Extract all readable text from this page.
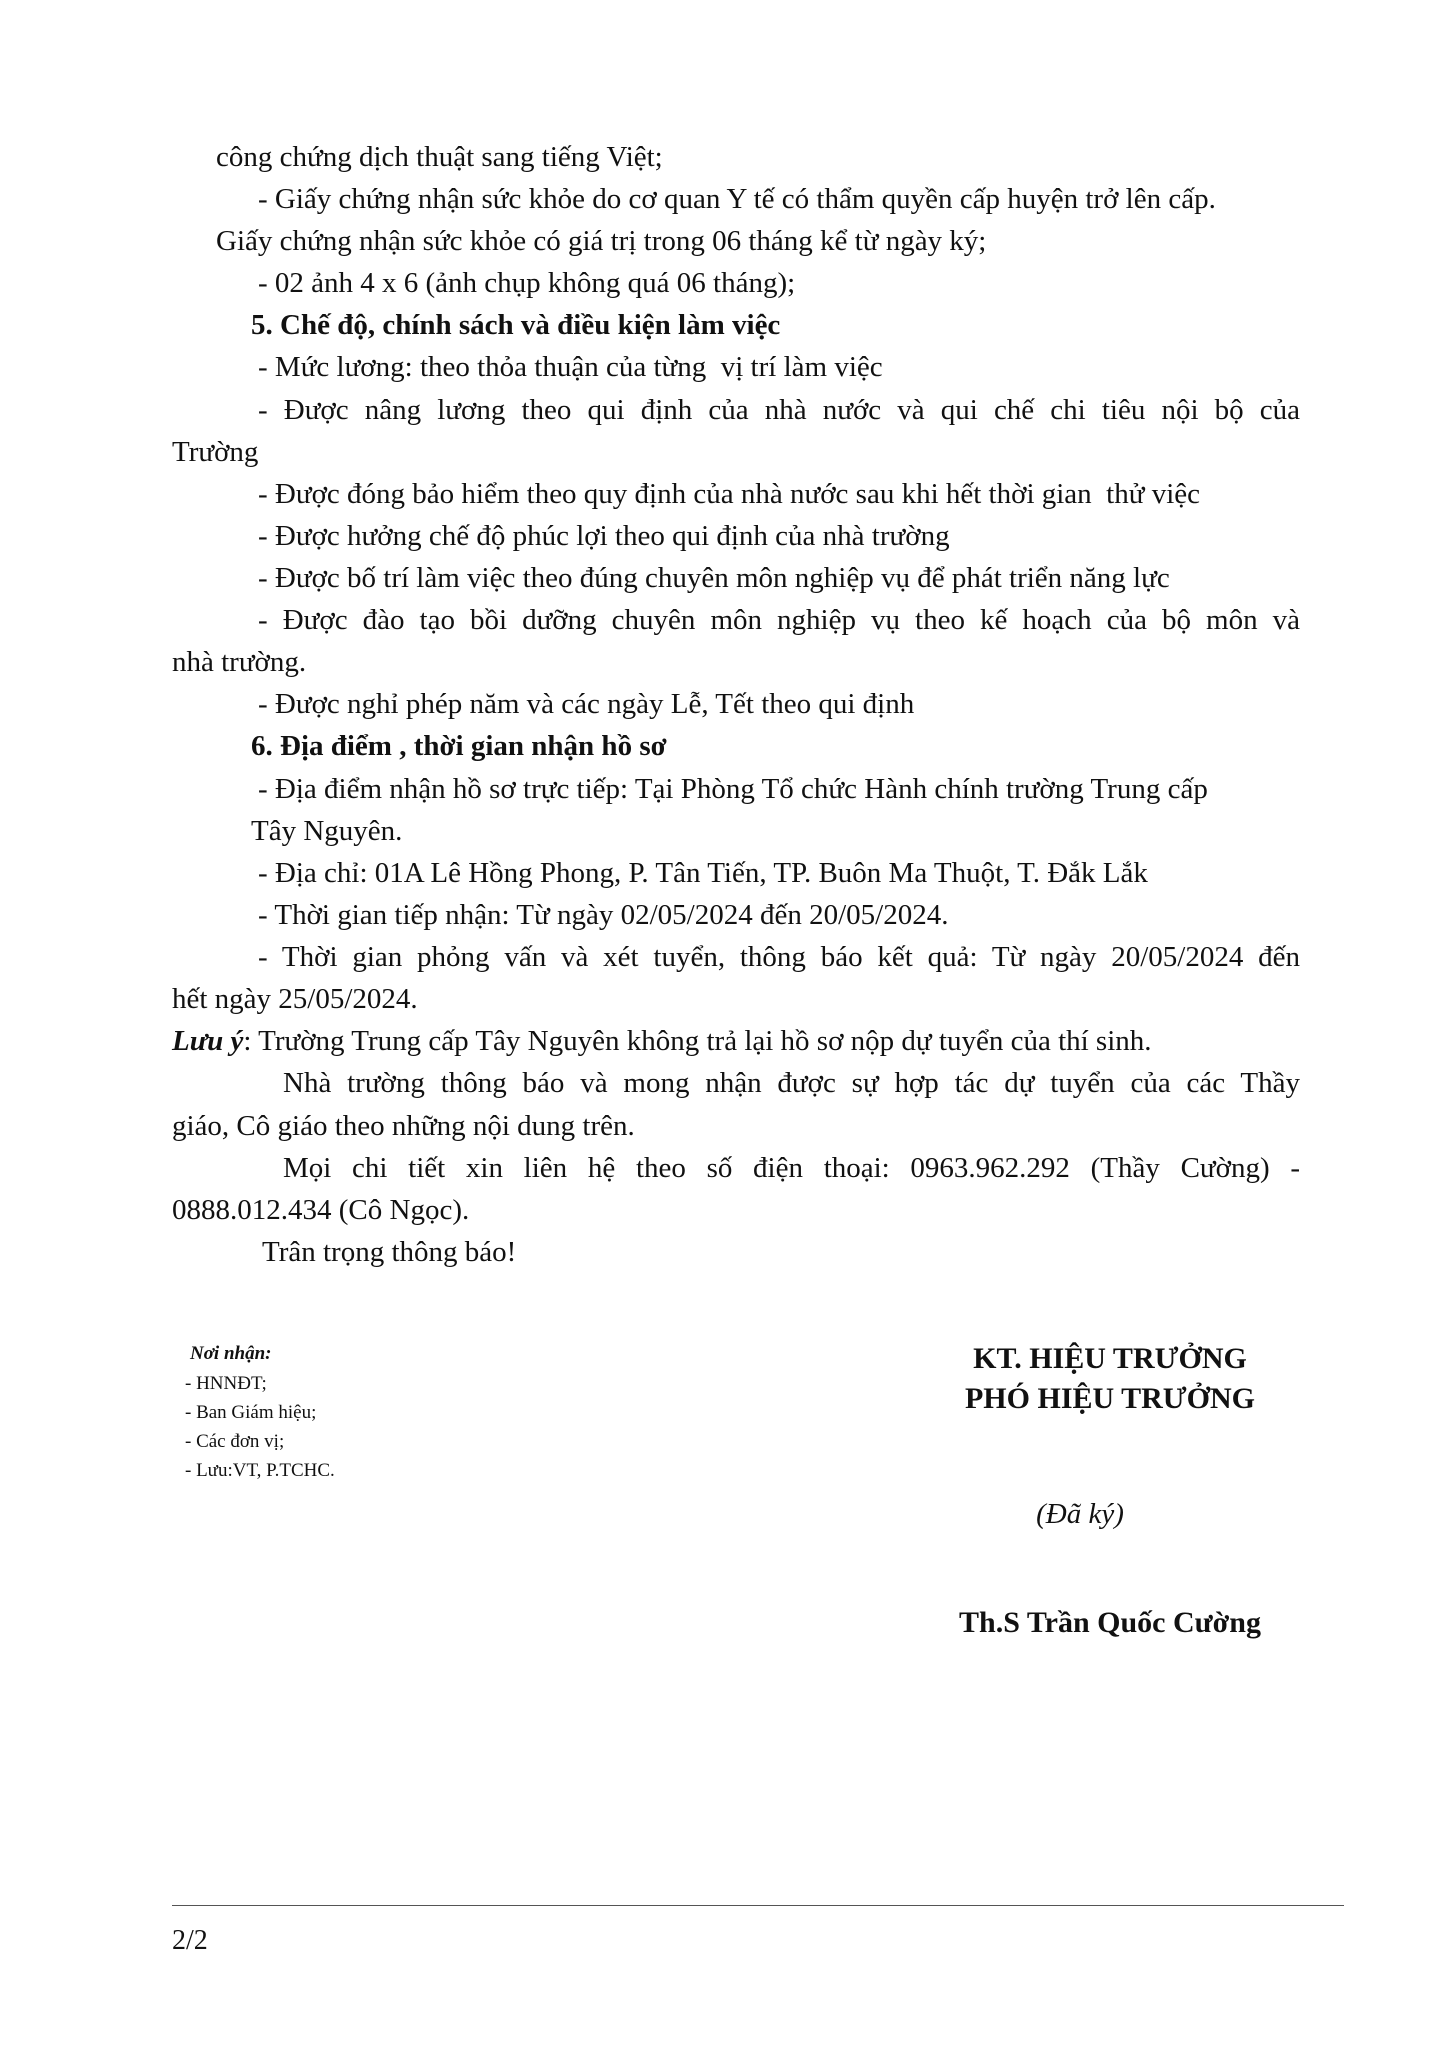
công chứng dịch thuật sang tiếng Việt;
- Giấy chứng nhận sức khỏe do cơ quan Y tế có thẩm quyền cấp huyện trở lên cấp.
Giấy chứng nhận sức khỏe có giá trị trong 06 tháng kể từ ngày ký;
- 02 ảnh 4 x 6 (ảnh chụp không quá 06 tháng);
5. Chế độ, chính sách và điều kiện làm việc
- Mức lương: theo thỏa thuận của từng  vị trí làm việc
- Được nâng lương theo qui định của nhà nước và qui chế chi tiêu nội bộ của
Trường
- Được đóng bảo hiểm theo quy định của nhà nước sau khi hết thời gian  thử việc
- Được hưởng chế độ phúc lợi theo qui định của nhà trường
- Được bố trí làm việc theo đúng chuyên môn nghiệp vụ để phát triển năng lực
- Được đào tạo bồi dưỡng chuyên môn nghiệp vụ theo kế hoạch của bộ môn và
nhà trường.
- Được nghỉ phép năm và các ngày Lễ, Tết theo qui định
6. Địa điểm , thời gian nhận hồ sơ
- Địa điểm nhận hồ sơ trực tiếp: Tại Phòng Tổ chức Hành chính trường Trung cấp
Tây Nguyên.
- Địa chỉ: 01A Lê Hồng Phong, P. Tân Tiến, TP. Buôn Ma Thuột, T. Đắk Lắk
- Thời gian tiếp nhận: Từ ngày 02/05/2024 đến 20/05/2024.
- Thời gian phỏng vấn và xét tuyển, thông báo kết quả: Từ ngày 20/05/2024 đến
hết ngày 25/05/2024.
Lưu ý: Trường Trung cấp Tây Nguyên không trả lại hồ sơ nộp dự tuyển của thí sinh.
Nhà trường thông báo và mong nhận được sự hợp tác dự tuyển của các Thầy
giáo, Cô giáo theo những nội dung trên.
Mọi chi tiết xin liên hệ theo số điện thoại: 0963.962.292 (Thầy Cường) -
0888.012.434 (Cô Ngọc).
Trân trọng thông báo!
Nơi nhận:
- HNNĐT;
- Ban Giám hiệu;
- Các đơn vị;
- Lưu:VT, P.TCHC.
KT. HIỆU TRƯỞNG
PHÓ HIỆU TRƯỞNG
(Đã ký)
Th.S Trần Quốc Cường
2/2
